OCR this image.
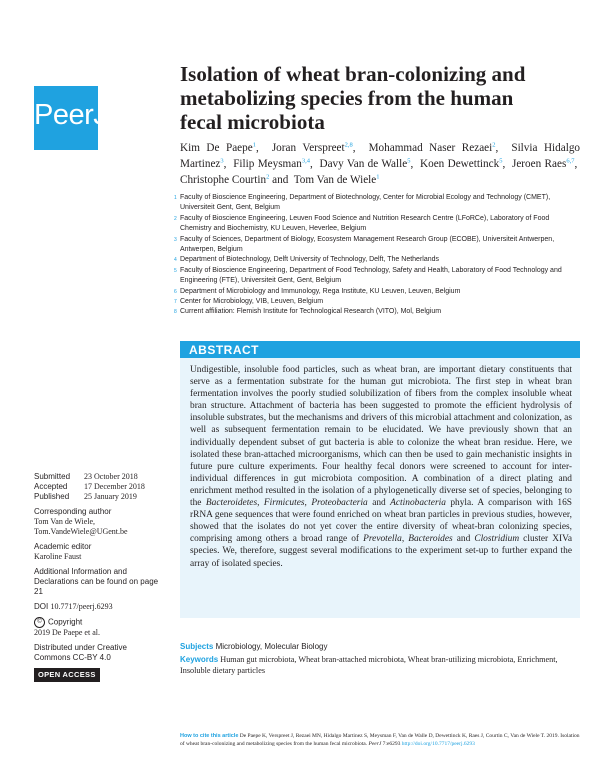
PeerJ
Isolation of wheat bran-colonizing and metabolizing species from the human fecal microbiota
Kim De Paepe$^1$,  Joran Verspreet$^{2,8}$,  Mohammad Naser Rezaei$^2$,  Silvia Hidalgo Martinez$^3$,  Filip Meysman$^{3,4}$,  Davy Van de Walle$^5$,  Koen Dewettinck$^5$,  Jeroen Raes$^{6,7}$,  Christophe Courtin$^2$ and  Tom Van de Wiele$^1$
1 Faculty of Bioscience Engineering, Department of Biotechnology, Center for Microbial Ecology and Technology (CMET), Universiteit Gent, Gent, Belgium
2 Faculty of Bioscience Engineering, Leuven Food Science and Nutrition Research Centre (LFoRCe), Laboratory of Food Chemistry and Biochemistry, KU Leuven, Heverlee, Belgium
3 Faculty of Sciences, Department of Biology, Ecosystem Management Research Group (ECOBE), Universiteit Antwerpen, Antwerpen, Belgium
4 Department of Biotechnology, Delft University of Technology, Delft, The Netherlands
5 Faculty of Bioscience Engineering, Department of Food Technology, Safety and Health, Laboratory of Food Technology and Engineering (FTE), Universiteit Gent, Gent, Belgium
6 Department of Microbiology and Immunology, Rega Institute, KU Leuven, Leuven, Belgium
7 Center for Microbiology, VIB, Leuven, Belgium
8 Current affiliation: Flemish Institute for Technological Research (VITO), Mol, Belgium
ABSTRACT
Undigestible, insoluble food particles, such as wheat bran, are important dietary constituents that serve as a fermentation substrate for the human gut microbiota. The first step in wheat bran fermentation involves the poorly studied solubilization of fibers from the complex insoluble wheat bran structure. Attachment of bacteria has been suggested to promote the efficient hydrolysis of insoluble substrates, but the mechanisms and drivers of this microbial attachment and colonization, as well as subsequent fermentation remain to be elucidated. We have previously shown that an individually dependent subset of gut bacteria is able to colonize the wheat bran residue. Here, we isolated these bran-attached microorganisms, which can then be used to gain mechanistic insights in future pure culture experiments. Four healthy fecal donors were screened to account for inter-individual differences in gut microbiota composition. A combination of a direct plating and enrichment method resulted in the isolation of a phylogenetically diverse set of species, belonging to the Bacteroidetes, Firmicutes, Proteobacteria and Actinobacteria phyla. A comparison with 16S rRNA gene sequences that were found enriched on wheat bran particles in previous studies, however, showed that the isolates do not yet cover the entire diversity of wheat-bran colonizing species, comprising among others a broad range of Prevotella, Bacteroides and Clostridium cluster XIVa species. We, therefore, suggest several modifications to the experiment set-up to further expand the array of isolated species.
Subjects Microbiology, Molecular Biology
Keywords Human gut microbiota, Wheat bran-attached microbiota, Wheat bran-utilizing microbiota, Enrichment, Insoluble dietary particles
Submitted	23 October 2018
Accepted	17 December 2018
Published	25 January 2019
Corresponding author
Tom Van de Wiele,
Tom.VandeWiele@UGent.be
Academic editor
Karoline Faust
Additional Information and Declarations can be found on page 21
DOI 10.7717/peerj.6293
© Copyright
2019 De Paepe et al.
Distributed under Creative Commons CC-BY 4.0
OPEN ACCESS
How to cite this article De Paepe K, Verspreet J, Rezaei MN, Hidalgo Martinez S, Meysman F, Van de Walle D, Dewettinck K, Raes J, Courtin C, Van de Wiele T. 2019. Isolation of wheat bran-colonizing and metabolizing species from the human fecal microbiota. PeerJ 7:e6293 http://doi.org/10.7717/peerj.6293
